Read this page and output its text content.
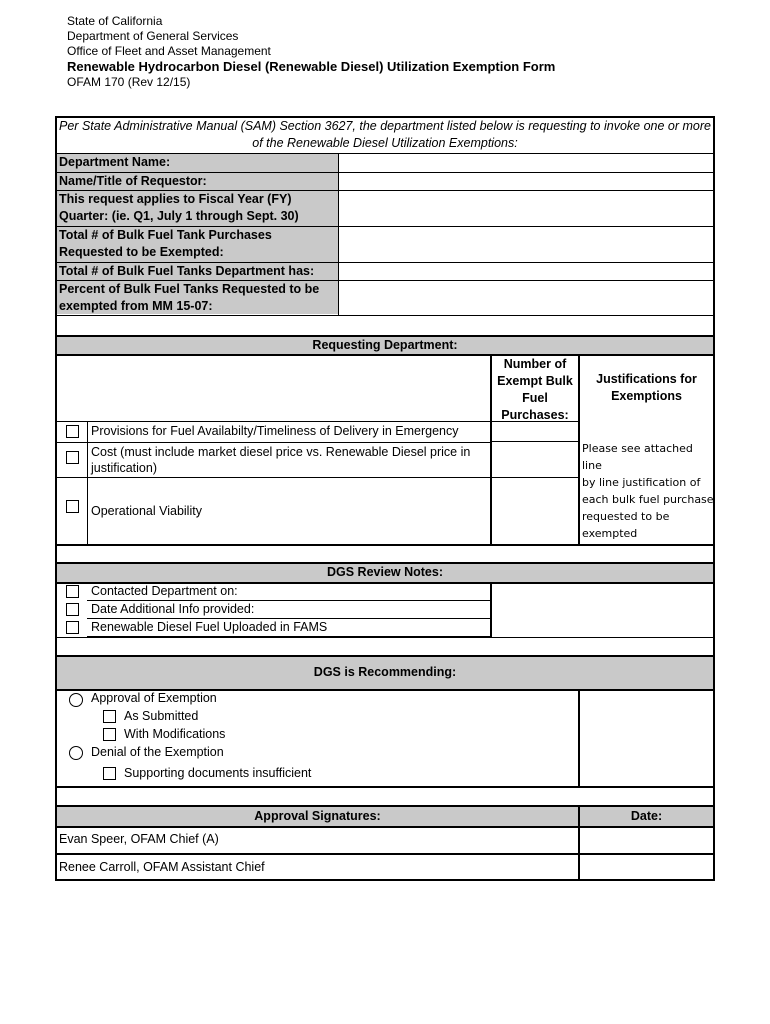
State of California
Department of General Services
Office of Fleet and Asset Management
Renewable Hydrocarbon Diesel (Renewable Diesel) Utilization Exemption Form
OFAM 170 (Rev 12/15)
Per State Administrative Manual (SAM) Section 3627, the department listed below is requesting to invoke one or more of the Renewable Diesel Utilization Exemptions:
Department Name:
Name/Title of Requestor:
This request applies to Fiscal Year (FY)
Quarter: (ie. Q1, July 1 through Sept. 30)
Total # of Bulk Fuel Tank Purchases
Requested to be Exempted:
Total # of Bulk Fuel Tanks Department has:
Percent of Bulk Fuel Tanks Requested to be
exempted from MM 15-07:
Requesting Department:
Number of
Exempt Bulk
Fuel
Purchases:
Justifications for
Exemptions
Provisions for Fuel Availabilty/Timeliness of Delivery in Emergency
Cost (must include market diesel price vs. Renewable Diesel price in
justification)
Operational Viability
Please see attached line
by line justification of
each bulk fuel purchase
requested to be
exempted
DGS Review Notes:
Contacted Department on:
Date Additional Info provided:
Renewable Diesel Fuel Uploaded in FAMS
DGS is Recommending:
Approval of Exemption
As Submitted
With Modifications
Denial of the Exemption
Supporting documents insufficient
Approval Signatures:	Date:
Evan Speer, OFAM Chief (A)
Renee Carroll, OFAM Assistant Chief
